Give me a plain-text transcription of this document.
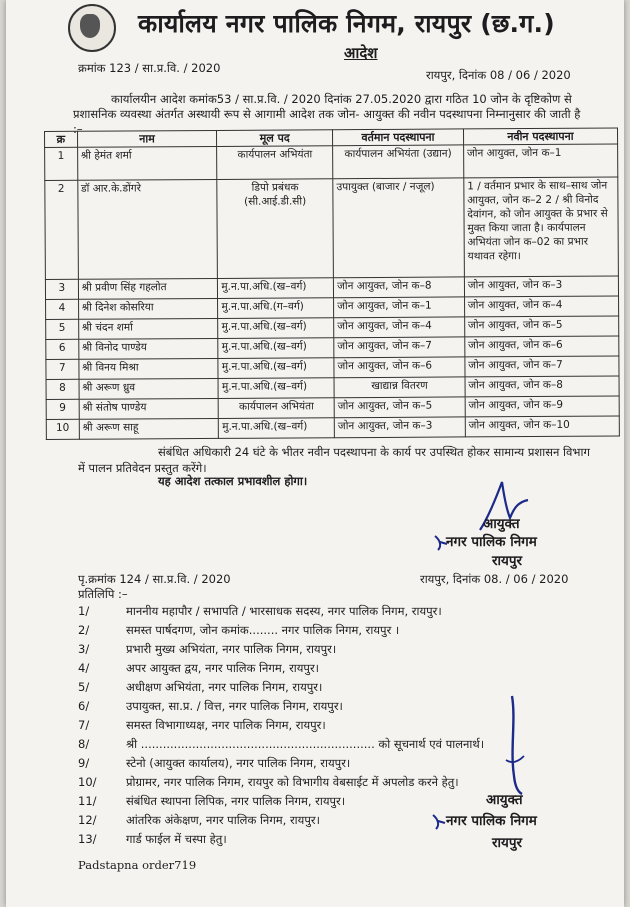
कार्यालय नगर पालिक निगम, रायपुर (छ.ग.)
आदेश
क्रमांक 123 / सा.प्र.वि. / 2020	रायपुर, दिनांक 08 / 06 / 2020
कार्यालयीन आदेश कमांक53 / सा.प्र.वि. / 2020 दिनांक 27.05.2020 द्वारा गठित 10 जोन के दृष्टिकोण से प्रशासनिक व्यवस्था अंतर्गत अस्थायी रूप से आगामी आदेश तक जोन- आयुक्त की नवीन पदस्थापना निम्नानुसार की जाती है :–
क्र	नाम	मूल पद	वर्तमान पदस्थापना	नवीन पदस्थापना
1	श्री हेमंत शर्मा	कार्यपालन अभियंता	कार्यपालन अभियंता (उद्यान)	जोन आयुक्त, जोन क–1
2	डॉ आर.के.डोंगरे	डिपो प्रबंधक (सी.आई.डी.सी)	उपायुक्त (बाजार / नजूल)	1 / वर्तमान प्रभार के साथ–साथ जोन आयुक्त, जोन क–2 2 / श्री विनोद देवांगन, को जोन आयुक्त के प्रभार से मुक्त किया जाता है। कार्यपालन अभियंता जोन क–02 का प्रभार यथावत रहेगा।
3	श्री प्रवीण सिंह गहलोत	मु.न.पा.अधि.(ख–वर्ग)	जोन आयुक्त, जोन क–8	जोन आयुक्त, जोन क–3
4	श्री दिनेश कोसरिया	मु.न.पा.अधि.(ग–वर्ग)	जोन आयुक्त, जोन क–1	जोन आयुक्त, जोन क–4
5	श्री चंदन शर्मा	मु.न.पा.अधि.(ख–वर्ग)	जोन आयुक्त, जोन क–4	जोन आयुक्त, जोन क–5
6	श्री विनोद पाण्डेय	मु.न.पा.अधि.(ख–वर्ग)	जोन आयुक्त, जोन क–7	जोन आयुक्त, जोन क–6
7	श्री विनय मिश्रा	मु.न.पा.अधि.(ख–वर्ग)	जोन आयुक्त, जोन क–6	जोन आयुक्त, जोन क–7
8	श्री अरूण ध्रुव	मु.न.पा.अधि.(ख–वर्ग)	खाद्यान्न वितरण	जोन आयुक्त, जोन क–8
9	श्री संतोष पाण्डेय	कार्यपालन अभियंता	जोन आयुक्त, जोन क–5	जोन आयुक्त, जोन क–9
10	श्री अरूण साहू	मु.न.पा.अधि.(ख–वर्ग)	जोन आयुक्त, जोन क–3	जोन आयुक्त, जोन क–10
संबंधित अधिकारी 24 घंटे के भीतर नवीन पदस्थापना के कार्य पर उपस्थित होकर सामान्य प्रशासन विभाग में पालन प्रतिवेदन प्रस्तुत करेंगे।
यह आदेश तत्काल प्रभावशील होगा।
आयुक्त
नगर पालिक निगम
रायपुर
पृ.क्रमांक 124 / सा.प्र.वि. / 2020	रायपुर, दिनांक 08. / 06 / 2020
प्रतिलिपि :–
1/	माननीय महापौर / सभापति / भारसाधक सदस्य, नगर पालिक निगम, रायपुर।
2/	समस्त पार्षदगण, जोन कमांक........ नगर पालिक निगम, रायपुर ।
3/	प्रभारी मुख्य अभियंता, नगर पालिक निगम, रायपुर।
4/	अपर आयुक्त द्वय, नगर पालिक निगम, रायपुर।
5/	अधीक्षण अभियंता, नगर पालिक निगम, रायपुर।
6/	उपायुक्त, सा.प्र. / वित्त, नगर पालिक निगम, रायपुर।
7/	समस्त विभागाध्यक्ष, नगर पालिक निगम, रायपुर।
8/	श्री ................................................................ को सूचनार्थ एवं पालनार्थ।
9/	स्टेनो (आयुक्त कार्यालय), नगर पालिक निगम, रायपुर।
10/	प्रोग्रामर, नगर पालिक निगम, रायपुर को विभागीय वेबसाईट में अपलोड करने हेतु।
11/	संबंधित स्थापना लिपिक, नगर पालिक निगम, रायपुर।
12/	आंतरिक अंकेक्षण, नगर पालिक निगम, रायपुर।
13/	गार्ड फाईल में चस्पा हेतु।
आयुक्त
नगर पालिक निगम
रायपुर
Padstapna order719
